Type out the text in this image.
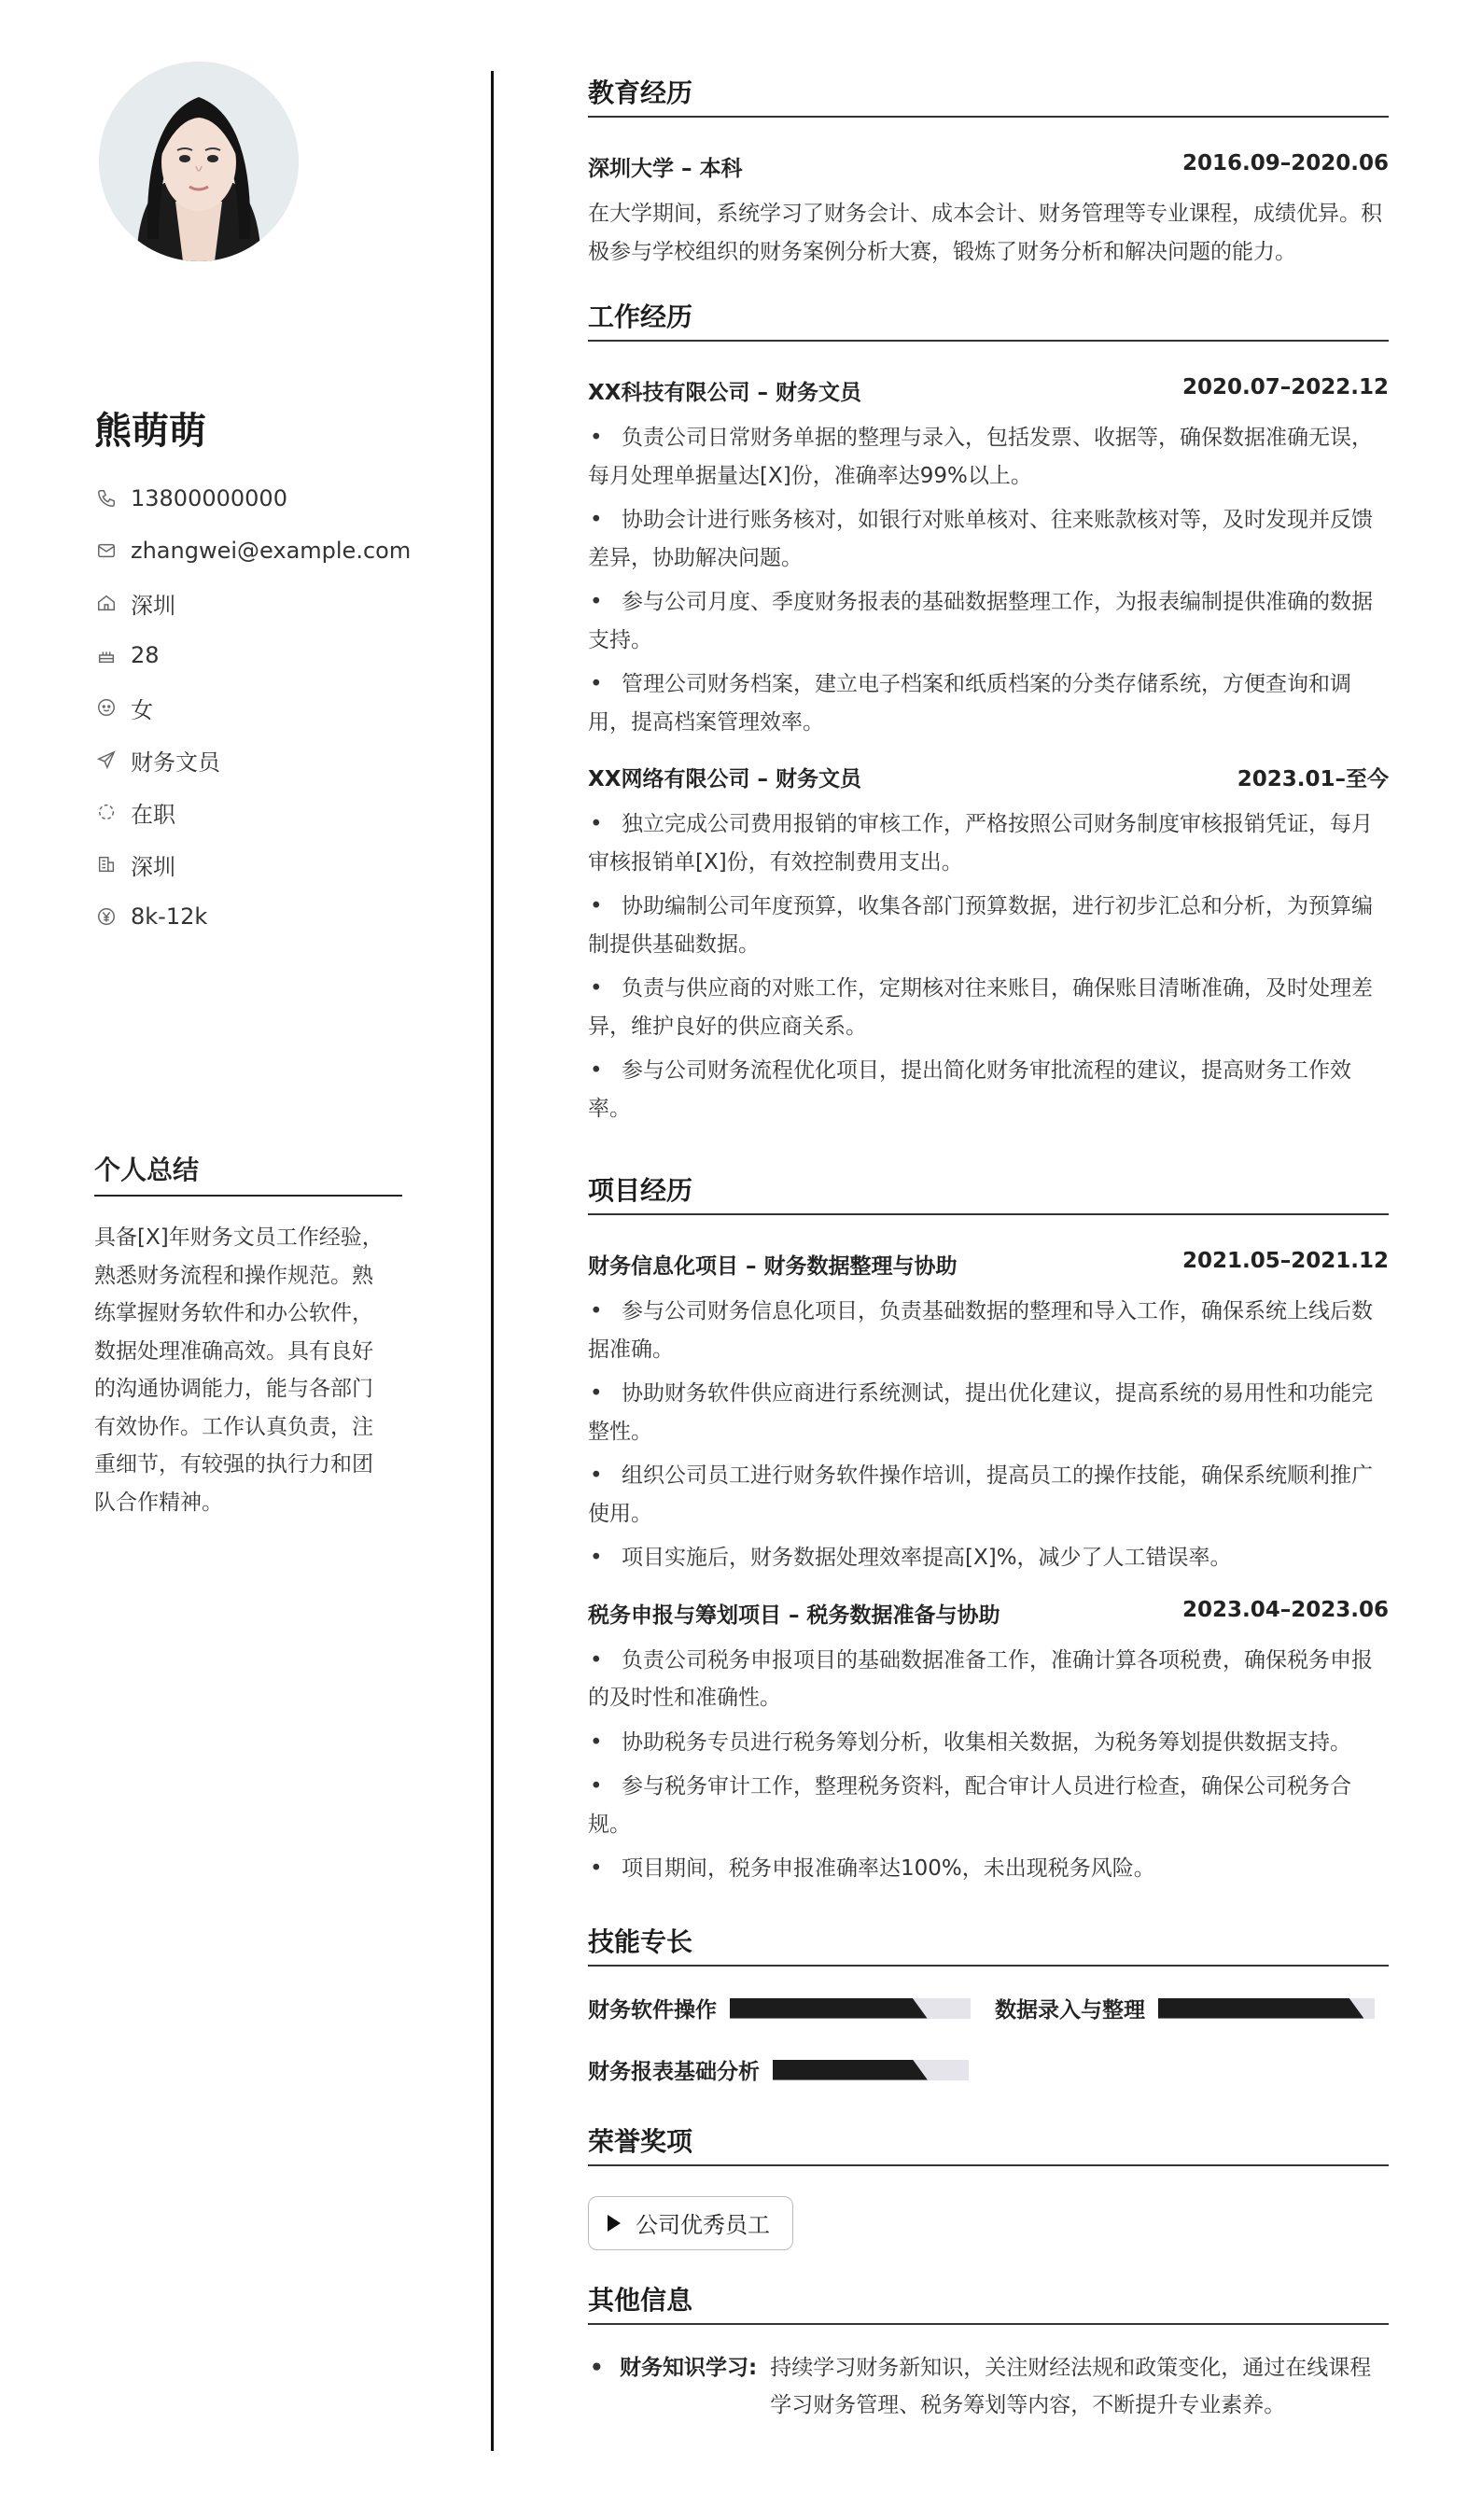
熊萌萌
13800000000
zhangwei@example.com
深圳
28
女
财务文员
在职
深圳
8k-12k
个人总结
具备[X]年财务文员工作经验，熟悉财务流程和操作规范。熟练掌握财务软件和办公软件，数据处理准确高效。具有良好的沟通协调能力，能与各部门有效协作。工作认真负责，注重细节，有较强的执行力和团队合作精神。
教育经历
深圳大学 – 本科	2016.09–2020.06
在大学期间，系统学习了财务会计、成本会计、财务管理等专业课程，成绩优异。积极参与学校组织的财务案例分析大赛，锻炼了财务分析和解决问题的能力。
工作经历
XX科技有限公司 – 财务文员	2020.07–2022.12
• 负责公司日常财务单据的整理与录入，包括发票、收据等，确保数据准确无误，每月处理单据量达[X]份，准确率达99%以上。
• 协助会计进行账务核对，如银行对账单核对、往来账款核对等，及时发现并反馈差异，协助解决问题。
• 参与公司月度、季度财务报表的基础数据整理工作，为报表编制提供准确的数据支持。
• 管理公司财务档案，建立电子档案和纸质档案的分类存储系统，方便查询和调用，提高档案管理效率。
XX网络有限公司 – 财务文员	2023.01–至今
• 独立完成公司费用报销的审核工作，严格按照公司财务制度审核报销凭证，每月审核报销单[X]份，有效控制费用支出。
• 协助编制公司年度预算，收集各部门预算数据，进行初步汇总和分析，为预算编制提供基础数据。
• 负责与供应商的对账工作，定期核对往来账目，确保账目清晰准确，及时处理差异，维护良好的供应商关系。
• 参与公司财务流程优化项目，提出简化财务审批流程的建议，提高财务工作效率。
项目经历
财务信息化项目 – 财务数据整理与协助	2021.05–2021.12
• 参与公司财务信息化项目，负责基础数据的整理和导入工作，确保系统上线后数据准确。
• 协助财务软件供应商进行系统测试，提出优化建议，提高系统的易用性和功能完整性。
• 组织公司员工进行财务软件操作培训，提高员工的操作技能，确保系统顺利推广使用。
• 项目实施后，财务数据处理效率提高[X]%，减少了人工错误率。
税务申报与筹划项目 – 税务数据准备与协助	2023.04–2023.06
• 负责公司税务申报项目的基础数据准备工作，准确计算各项税费，确保税务申报的及时性和准确性。
• 协助税务专员进行税务筹划分析，收集相关数据，为税务筹划提供数据支持。
• 参与税务审计工作，整理税务资料，配合审计人员进行检查，确保公司税务合规。
• 项目期间，税务申报准确率达100%，未出现税务风险。
技能专长
财务软件操作	数据录入与整理
财务报表基础分析
荣誉奖项
公司优秀员工
其他信息
• 财务知识学习: 持续学习财务新知识，关注财经法规和政策变化，通过在线课程学习财务管理、税务筹划等内容，不断提升专业素养。
